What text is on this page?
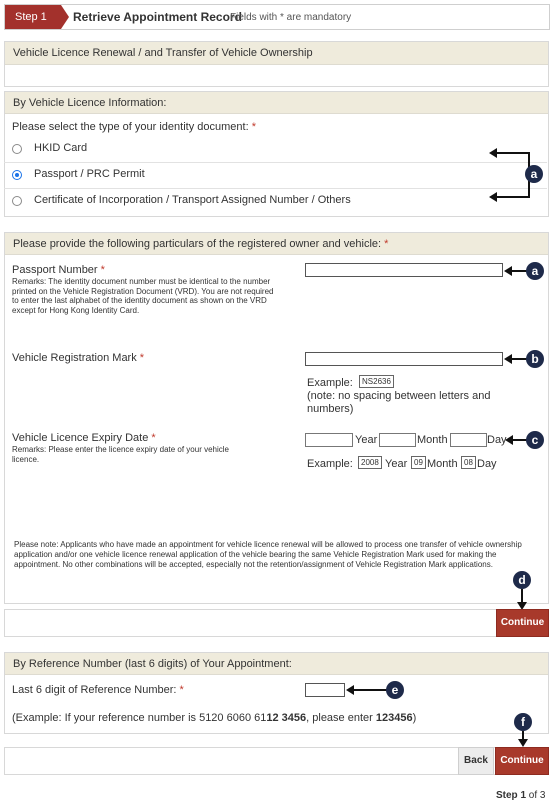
Step 1	Retrieve Appointment Record
Fields with * are mandatory
Vehicle Licence Renewal / and Transfer of Vehicle Ownership
By Vehicle Licence Information:
Please select the type of your identity document: *
HKID Card
Passport / PRC Permit
Certificate of Incorporation / Transport Assigned Number / Others
a
Please provide the following particulars of the registered owner and vehicle: *
Passport Number *
Remarks: The identity document number must be identical to the number printed on the Vehicle Registration Document (VRD). You are not required to enter the last alphabet of the identity document as shown on the VRD except for Hong Kong Identity Card.
a
Vehicle Registration Mark *	b
Example:	NS2636
(note: no spacing between letters and numbers)
Vehicle Licence Expiry Date *
Remarks: Please enter the licence expiry date of your vehicle licence.
Year	Month	Day	c
Example:	2008 Year 09 Month 08 Day
Please note: Applicants who have made an appointment for vehicle licence renewal will be allowed to process one transfer of vehicle ownership application and/or one vehicle licence renewal application of the vehicle bearing the same Vehicle Registration Mark used for making the appointment. No other combinations will be accepted, especially not the retention/assignment of Vehicle Registration Mark applications.
d
Continue
By Reference Number (last 6 digits) of Your Appointment:
Last 6 digit of Reference Number: *	e
(Example: If your reference number is 5120 6060 6112 3456, please enter 123456)	f
Back	Continue
Step 1 of 3
